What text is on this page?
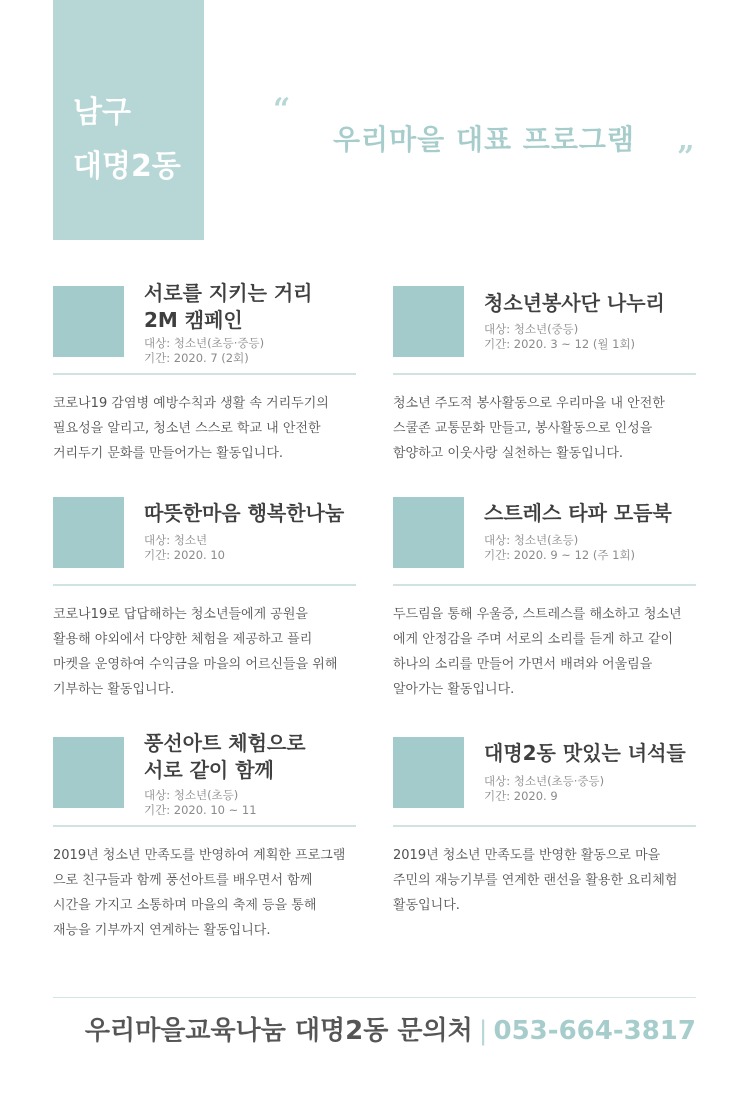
남구
대명2동
“
우리마을 대표 프로그램
”
서로를 지키는 거리
2M 캠페인
대상: 청소년(초등·중등)
기간: 2020. 7 (2회)
코로나19 감염병 예방수칙과 생활 속 거리두기의
필요성을 알리고, 청소년 스스로 학교 내 안전한
거리두기 문화를 만들어가는 활동입니다.
청소년봉사단 나누리
대상: 청소년(중등)
기간: 2020. 3 ~ 12 (월 1회)
청소년 주도적 봉사활동으로 우리마을 내 안전한
스쿨존 교통문화 만들고, 봉사활동으로 인성을
함양하고 이웃사랑 실천하는 활동입니다.
따뜻한마음 행복한나눔
대상: 청소년
기간: 2020. 10
코로나19로 답답해하는 청소년들에게 공원을
활용해 야외에서 다양한 체험을 제공하고 플리
마켓을 운영하여 수익금을 마을의 어르신들을 위해
기부하는 활동입니다.
스트레스 타파 모듬북
대상: 청소년(초등)
기간: 2020. 9 ~ 12 (주 1회)
두드림을 통해 우울증, 스트레스를 해소하고 청소년
에게 안정감을 주며 서로의 소리를 듣게 하고 같이
하나의 소리를 만들어 가면서 배려와 어울림을
알아가는 활동입니다.
풍선아트 체험으로
서로 같이 함께
대상: 청소년(초등)
기간: 2020. 10 ~ 11
2019년 청소년 만족도를 반영하여 계획한 프로그램
으로 친구들과 함께 풍선아트를 배우면서 함께
시간을 가지고 소통하며 마을의 축제 등을 통해
재능을 기부까지 연계하는 활동입니다.
대명2동 맛있는 녀석들
대상: 청소년(초등·중등)
기간: 2020. 9
2019년 청소년 만족도를 반영한 활동으로 마을
주민의 재능기부를 연계한 랜선을 활용한 요리체험
활동입니다.
우리마을교육나눔 대명2동 문의처 | 053-664-3817
